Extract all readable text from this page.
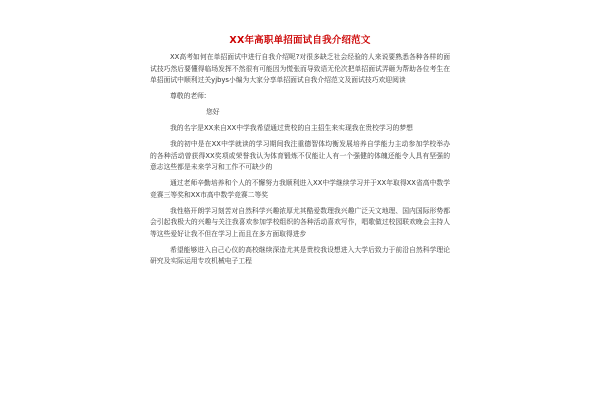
XX年高职单招面试自我介绍范文

XX高考如何在单招面试中进行自我介绍呢?对很多缺乏社会经验的人来说要熟悉各种各样的面试技巧然后要懂得临场发挥不然很有可能因为慌张而导致语无伦次把单招面试弄砸为帮助各位考生在单招面试中顺利过关yjbys小编为大家分享单招面试自我介绍范文及面试技巧欢迎阅读

尊敬的老师:
您好

我的名字是XX来自XX中学我希望通过贵校的自主招生来实现我在贵校学习的梦想

我的初中是在XX中学就读的学习期间我注重德智体均衡发展培养自学能力主动参加学校举办的各种活动曾获得XX奖项或荣誉我认为体育锻炼不仅能让人有一个强健的体魄还能令人具有坚强的意志这些都是未来学习和工作不可缺少的

通过老师辛勤培养和个人的不懈努力我顺利进入XX中学继续学习并于XX年取得XX省高中数学竞赛三等奖和XX市高中数学竞赛二等奖

我性格开朗学习刻苦对自然科学兴趣浓厚尤其酷爱数理我兴趣广泛天文地理、国内国际形势都会引起我极大的兴趣与关注我喜欢参加学校组织的各种活动喜欢写作，唱歌做过校园联欢晚会主持人等这些爱好让我不但在学习上而且在多方面取得进步

希望能够进入自己心仪的高校继续深造尤其是贵校我设想进入大学后致力于前沿自然科学理论研究及实际运用专攻机械电子工程
